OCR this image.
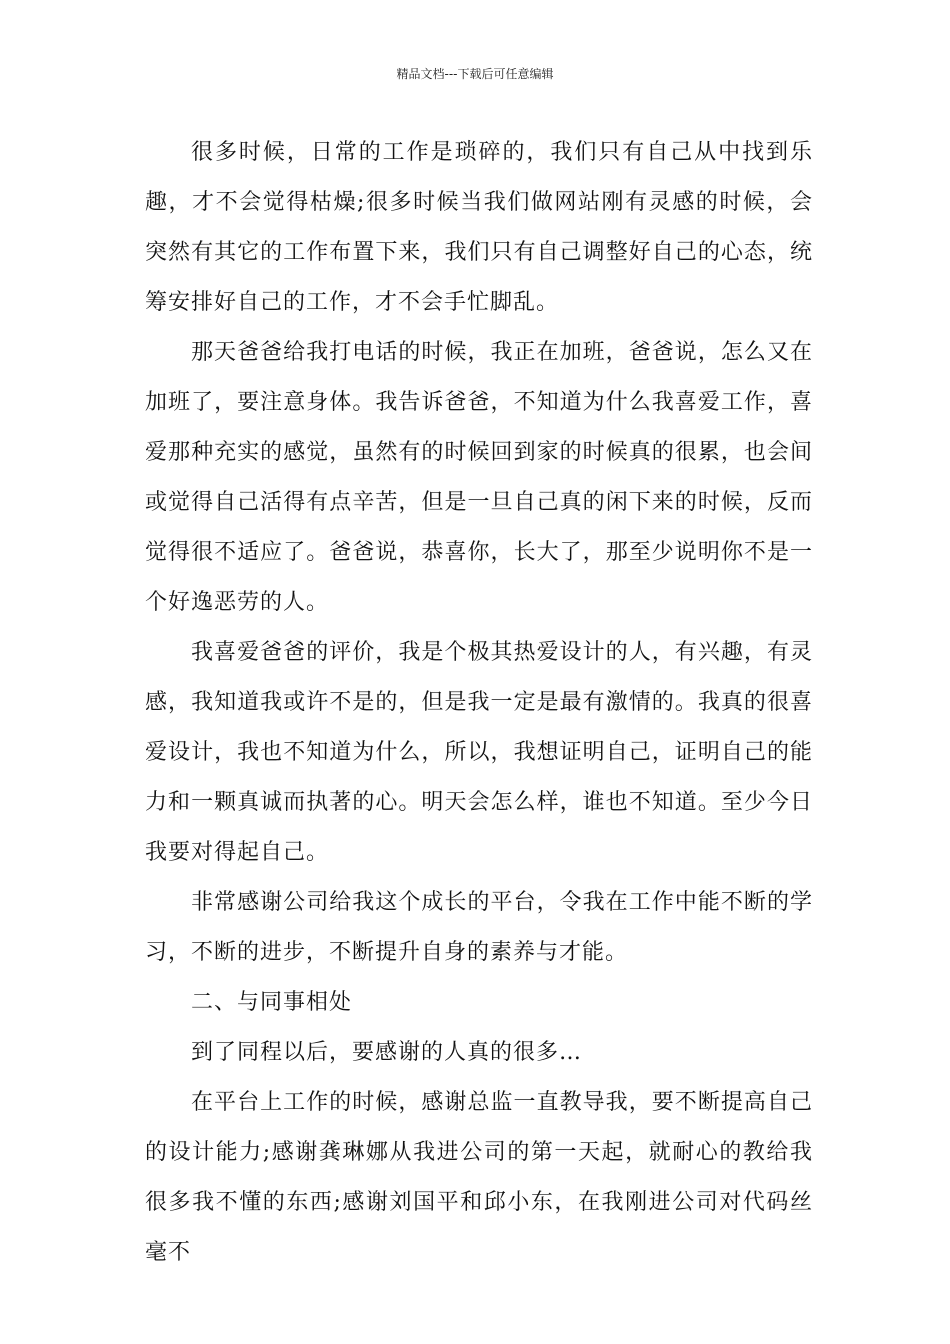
精品文档---下载后可任意编辑

很多时候，日常的工作是琐碎的，我们只有自己从中找到乐趣，才不会觉得枯燥;很多时候当我们做网站刚有灵感的时候，会突然有其它的工作布置下来，我们只有自己调整好自己的心态，统筹安排好自己的工作，才不会手忙脚乱。

那天爸爸给我打电话的时候，我正在加班，爸爸说，怎么又在加班了，要注意身体。我告诉爸爸，不知道为什么我喜爱工作，喜爱那种充实的感觉，虽然有的时候回到家的时候真的很累，也会间或觉得自己活得有点辛苦，但是一旦自己真的闲下来的时候，反而觉得很不适应了。爸爸说，恭喜你，长大了，那至少说明你不是一个好逸恶劳的人。

我喜爱爸爸的评价，我是个极其热爱设计的人，有兴趣，有灵感，我知道我或许不是的，但是我一定是最有激情的。我真的很喜爱设计，我也不知道为什么，所以，我想证明自己，证明自己的能力和一颗真诚而执著的心。明天会怎么样，谁也不知道。至少今日我要对得起自己。

非常感谢公司给我这个成长的平台，令我在工作中能不断的学习，不断的进步，不断提升自身的素养与才能。

二、与同事相处

到了同程以后，要感谢的人真的很多…

在平台上工作的时候，感谢总监一直教导我，要不断提高自己的设计能力;感谢龚琳娜从我进公司的第一天起，就耐心的教给我很多我不懂的东西;感谢刘国平和邱小东，在我刚进公司对代码丝毫不
